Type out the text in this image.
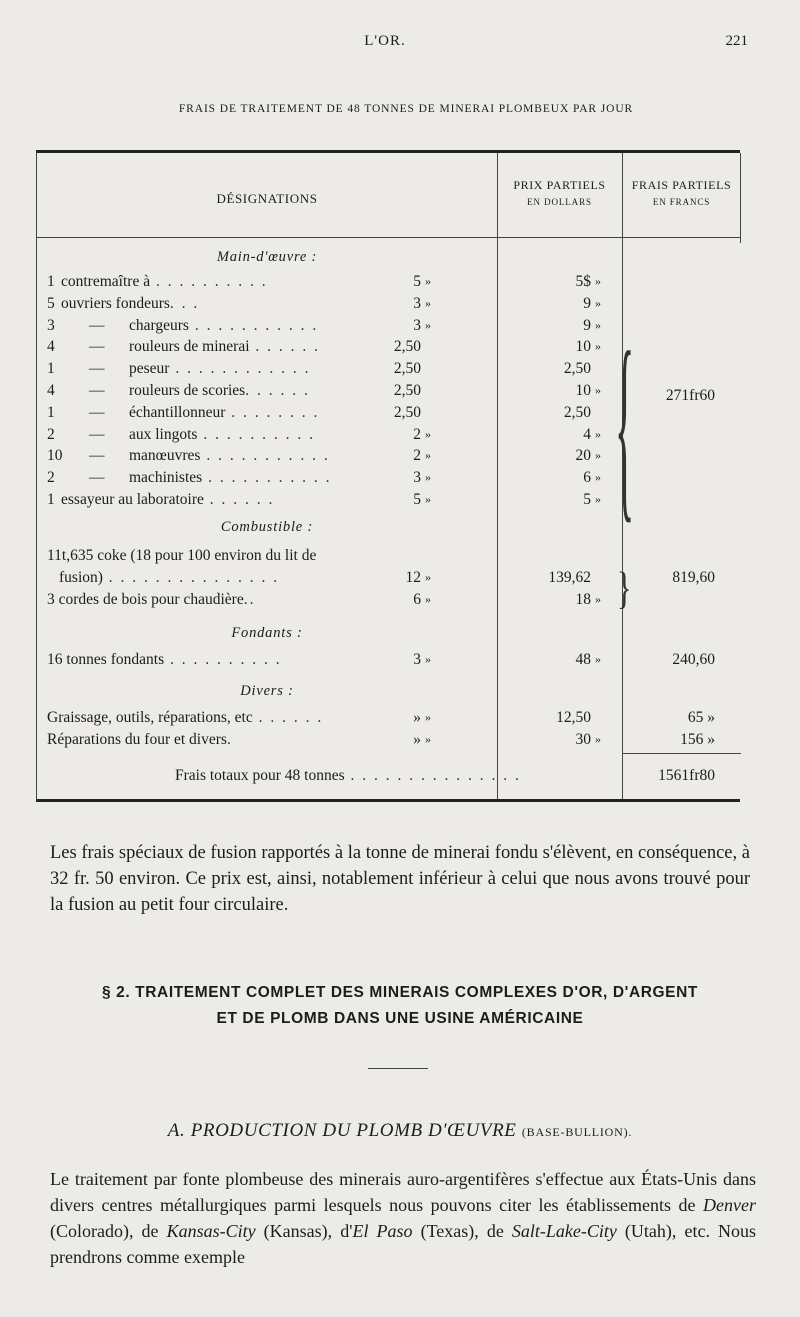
L'OR.	221
FRAIS DE TRAITEMENT DE 48 TONNES DE MINERAI PLOMBEUX PAR JOUR
DÉSIGNATIONS
PRIX PARTIELS
EN DOLLARS
FRAIS PARTIELS
EN FRANCS
Main-d'œuvre :
1 contremaître à . . . . . . . . . .	5 »	5$ »
5 ouvriers fondeurs. . .	3 »	9 »
3 — chargeurs . . . . . . . . . . .	3 »	9 »
4 — rouleurs de minerai . . . . . .	2,50	10 »
1 — peseur . . . . . . . . . . . .	2,50	2,50
4 — rouleurs de scories. . . . . .	2,50	10 »
1 — échantillonneur . . . . . . . .	2,50	2,50
2 — aux lingots . . . . . . . . . .	2 »	4 »
10 — manœuvres . . . . . . . . . . .	2 »	20 »
2 — machinistes . . . . . . . . . . .	3 »	6 »
1 essayeur au laboratoire . . . . . .	5 »	5 » {	271fr60
Combustible :
11t,635 coke (18 pour 100 environ du lit de
fusion) . . . . . . . . . . . . . . .	12 »	139,62	819,60
3 cordes de bois pour chaudière..	6 »	18 » }
Fondants :
16 tonnes fondants . . . . . . . . . .	3 »	48 »	240,60
Divers :
Graissage, outils, réparations, etc . . . . . .	» »	12,50	65 »
Réparations du four et divers.	» »	30 »	156 »
Frais totaux pour 48 tonnes . . . . . . . . . . . . . . .	1561fr80
Les frais spéciaux de fusion rapportés à la tonne de minerai fondu s'élèvent, en conséquence, à 32 fr. 50 environ. Ce prix est, ainsi, notablement inférieur à celui que nous avons trouvé pour la fusion au petit four circulaire.
§ 2. TRAITEMENT COMPLET DES MINERAIS COMPLEXES D'OR, D'ARGENT
ET DE PLOMB DANS UNE USINE AMÉRICAINE
A. PRODUCTION DU PLOMB D'ŒUVRE (BASE-BULLION).
Le traitement par fonte plombeuse des minerais auro-argentifères s'effectue aux États-Unis dans divers centres métallurgiques parmi lesquels nous pouvons citer les établissements de Denver (Colorado), de Kansas-City (Kansas), d'El Paso (Texas), de Salt-Lake-City (Utah), etc. Nous prendrons comme exemple
